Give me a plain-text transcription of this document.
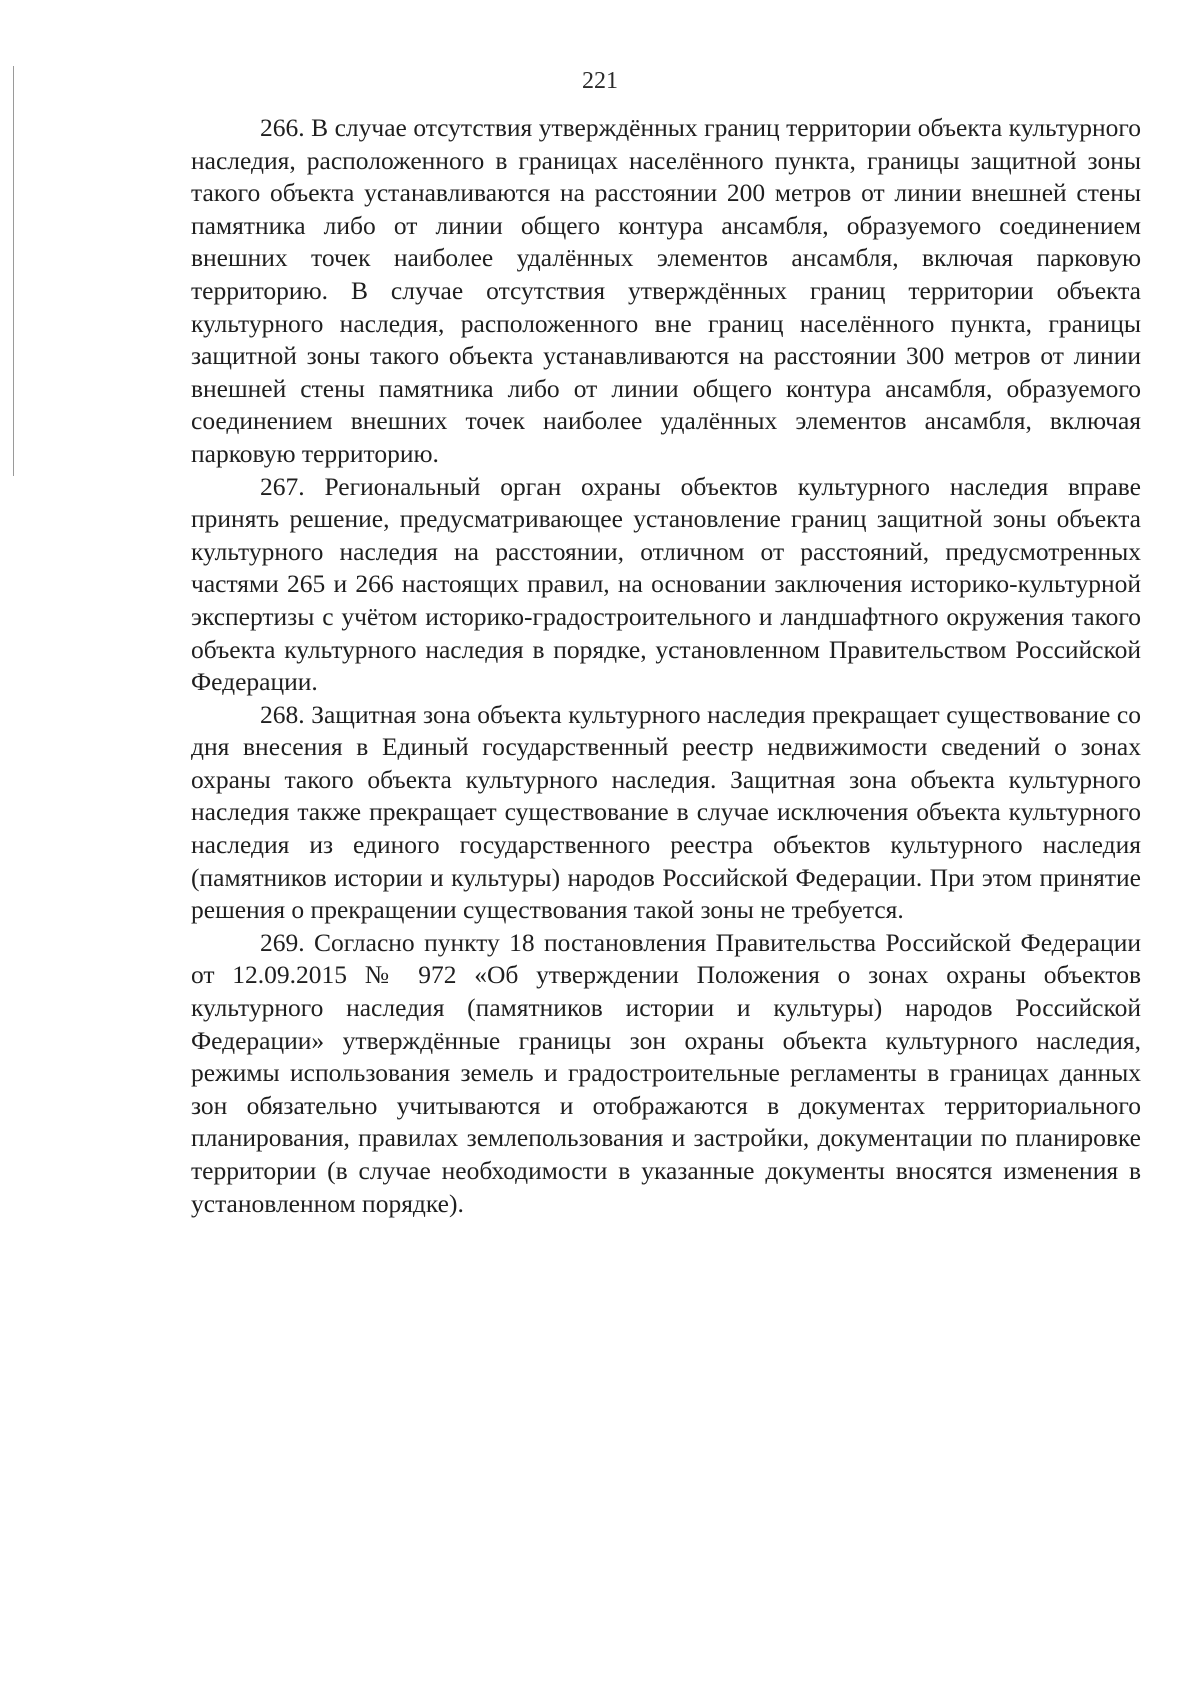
221

266. В случае отсутствия утверждённых границ территории объекта культурного наследия, расположенного в границах населённого пункта, границы защитной зоны такого объекта устанавливаются на расстоянии 200 метров от линии внешней стены памятника либо от линии общего контура ансамбля, образуемого соединением внешних точек наиболее удалённых элементов ансамбля, включая парковую территорию. В случае отсутствия утверждённых границ территории объекта культурного наследия, расположенного вне границ населённого пункта, границы защитной зоны такого объекта устанавливаются на расстоянии 300 метров от линии внешней стены памятника либо от линии общего контура ансамбля, образуемого соединением внешних точек наиболее удалённых элементов ансамбля, включая парковую территорию.

267. Региональный орган охраны объектов культурного наследия вправе принять решение, предусматривающее установление границ защитной зоны объекта культурного наследия на расстоянии, отличном от расстояний, предусмотренных частями 265 и 266 настоящих правил, на основании заключения историко-культурной экспертизы с учётом историко-градостроительного и ландшафтного окружения такого объекта культурного наследия в порядке, установленном Правительством Российской Федерации.

268. Защитная зона объекта культурного наследия прекращает существование со дня внесения в Единый государственный реестр недвижимости сведений о зонах охраны такого объекта культурного наследия. Защитная зона объекта культурного наследия также прекращает существование в случае исключения объекта культурного наследия из единого государственного реестра объектов культурного наследия (памятников истории и культуры) народов Российской Федерации. При этом принятие решения о прекращении существования такой зоны не требуется.

269. Согласно пункту 18 постановления Правительства Российской Федерации от 12.09.2015 № 972 «Об утверждении Положения о зонах охраны объектов культурного наследия (памятников истории и культуры) народов Российской Федерации» утверждённые границы зон охраны объекта культурного наследия, режимы использования земель и градостроительные регламенты в границах данных зон обязательно учитываются и отображаются в документах территориального планирования, правилах землепользования и застройки, документации по планировке территории (в случае необходимости в указанные документы вносятся изменения в установленном порядке).
